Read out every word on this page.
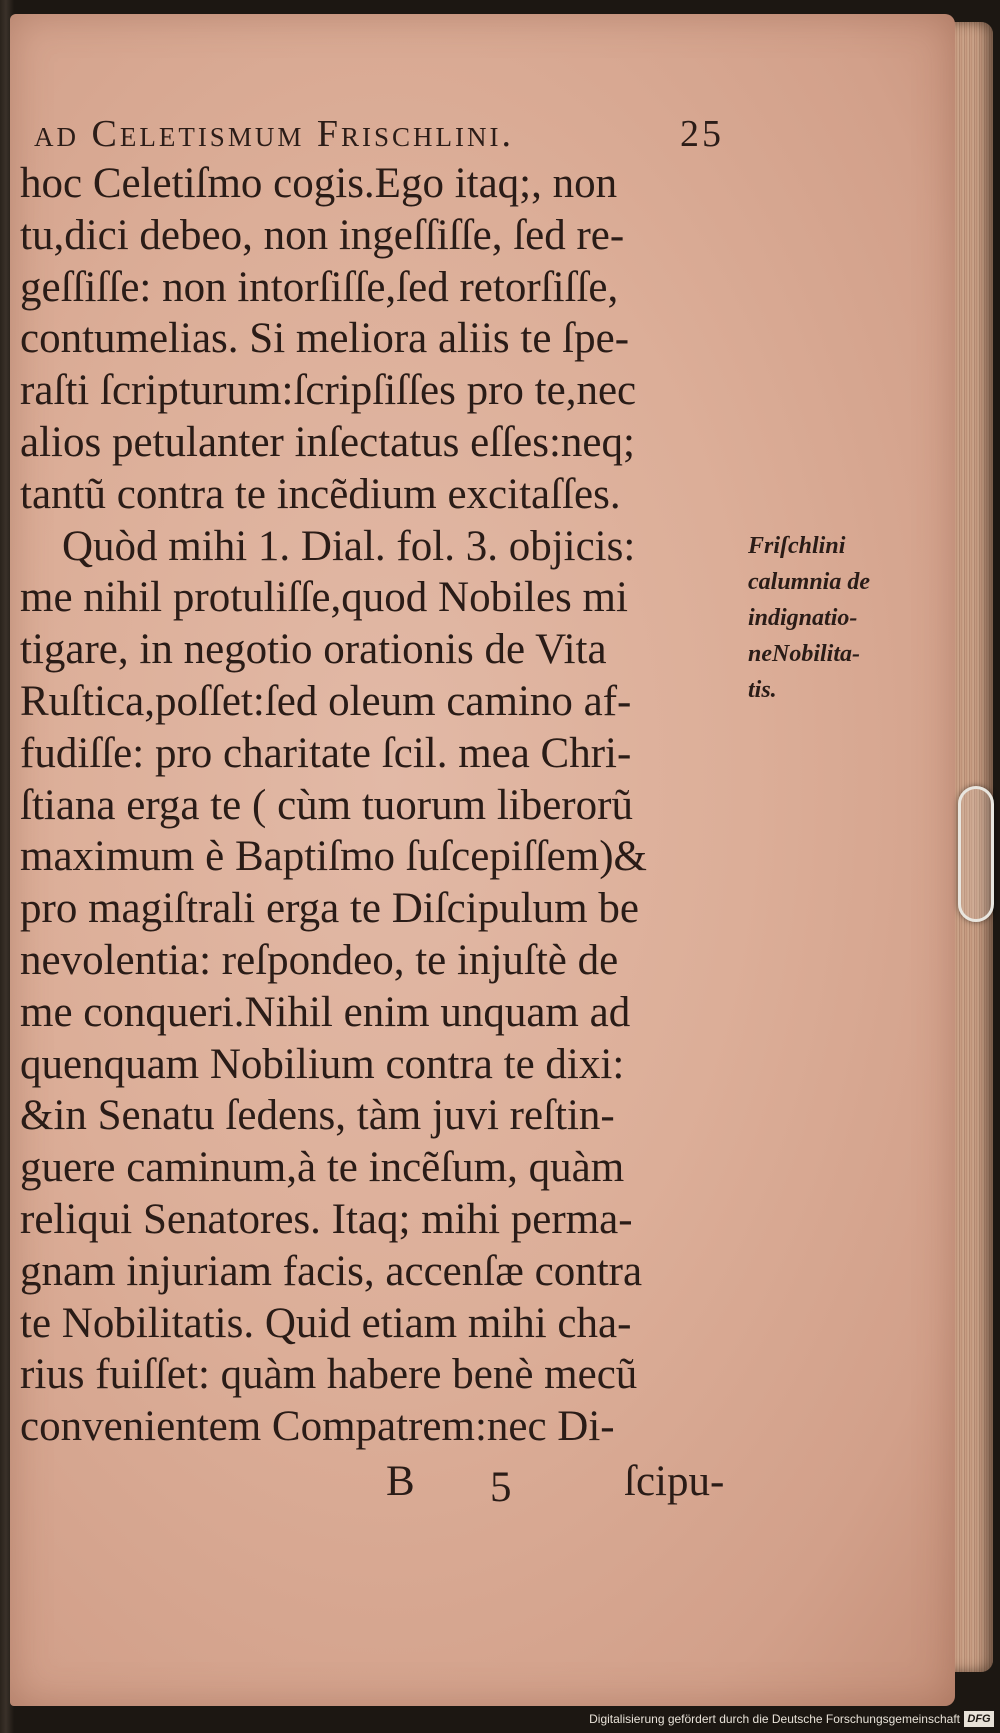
ad Celetismum Frischlini.	25
hoc Celetiſmo cogis.Ego itaq;, non
tu,dici debeo, non ingeſſiſſe, ſed re-
geſſiſſe: non intorſiſſe,ſed retorſiſſe,
contumelias. Si meliora aliis te ſpe-
raſti ſcripturum:ſcripſiſſes pro te,nec
alios petulanter inſectatus eſſes:neq;
tantũ contra te incẽdium excitaſſes.
Quòd mihi 1. Dial. fol. 3. objicis:
me nihil protuliſſe,quod Nobiles mi
tigare, in negotio orationis de Vita
Ruſtica,poſſet:ſed oleum camino af-
fudiſſe: pro charitate ſcil. mea Chri-
ſtiana erga te ( cùm tuorum liberorũ
maximum è Baptiſmo ſuſcepiſſem)&
pro magiſtrali erga te Diſcipulum be
nevolentia: reſpondeo, te injuſtè de
me conqueri.Nihil enim unquam ad
quenquam Nobilium contra te dixi:
&in Senatu ſedens, tàm juvi reſtin-
guere caminum,à te incẽſum, quàm
reliqui Senatores. Itaq; mihi perma-
gnam injuriam facis, accenſæ contra
te Nobilitatis. Quid etiam mihi cha-
rius fuiſſet: quàm habere benè mecũ
convenientem Compatrem:nec Di-
Friſchlini
calumnia de
indignatio-
neNobilita-
tis.
B 5	ſcipu-
Digitalisierung gefördert durch die Deutsche Forschungsgemeinschaft DFG
